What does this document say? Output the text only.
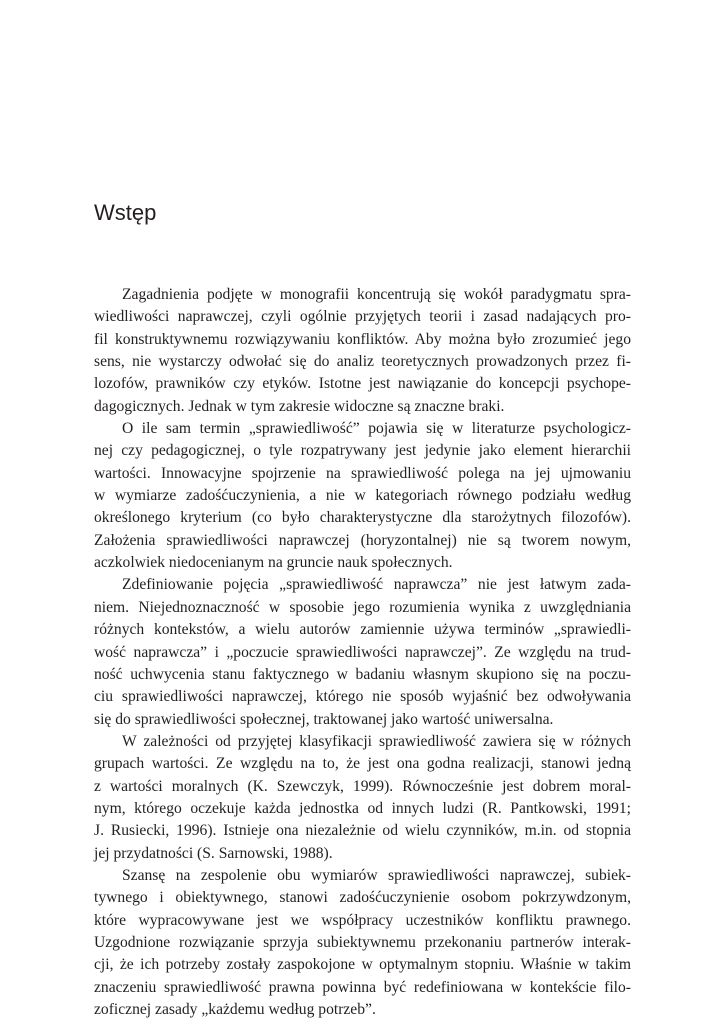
Wstęp
Zagadnienia podjęte w monografii koncentrują się wokół paradygmatu spra-
wiedliwości naprawczej, czyli ogólnie przyjętych teorii i zasad nadających pro-
fil konstruktywnemu rozwiązywaniu konfliktów. Aby można było zrozumieć jego
sens, nie wystarczy odwołać się do analiz teoretycznych prowadzonych przez fi-
lozofów, prawników czy etyków. Istotne jest nawiązanie do koncepcji psychope-
dagogicznych. Jednak w tym zakresie widoczne są znaczne braki.
O ile sam termin „sprawiedliwość” pojawia się w literaturze psychologicz-
nej czy pedagogicznej, o tyle rozpatrywany jest jedynie jako element hierarchii
wartości. Innowacyjne spojrzenie na sprawiedliwość polega na jej ujmowaniu
w wymiarze zadośćuczynienia, a nie w kategoriach równego podziału według
określonego kryterium (co było charakterystyczne dla starożytnych filozofów).
Założenia sprawiedliwości naprawczej (horyzontalnej) nie są tworem nowym,
aczkolwiek niedocenianym na gruncie nauk społecznych.
Zdefiniowanie pojęcia „sprawiedliwość naprawcza” nie jest łatwym zada-
niem. Niejednoznaczność w sposobie jego rozumienia wynika z uwzględniania
różnych kontekstów, a wielu autorów zamiennie używa terminów „sprawiedli-
wość naprawcza” i „poczucie sprawiedliwości naprawczej”. Ze względu na trud-
ność uchwycenia stanu faktycznego w badaniu własnym skupiono się na poczu-
ciu sprawiedliwości naprawczej, którego nie sposób wyjaśnić bez odwoływania
się do sprawiedliwości społecznej, traktowanej jako wartość uniwersalna.
W zależności od przyjętej klasyfikacji sprawiedliwość zawiera się w różnych
grupach wartości. Ze względu na to, że jest ona godna realizacji, stanowi jedną
z wartości moralnych (K. Szewczyk, 1999). Równocześnie jest dobrem moral-
nym, którego oczekuje każda jednostka od innych ludzi (R. Pantkowski, 1991;
J. Rusiecki, 1996). Istnieje ona niezależnie od wielu czynników, m.in. od stopnia
jej przydatności (S. Sarnowski, 1988).
Szansę na zespolenie obu wymiarów sprawiedliwości naprawczej, subiek-
tywnego i obiektywnego, stanowi zadośćuczynienie osobom pokrzywdzonym,
które wypracowywane jest we współpracy uczestników konfliktu prawnego.
Uzgodnione rozwiązanie sprzyja subiektywnemu przekonaniu partnerów interak-
cji, że ich potrzeby zostały zaspokojone w optymalnym stopniu. Właśnie w takim
znaczeniu sprawiedliwość prawna powinna być redefiniowana w kontekście filo-
zoficznej zasady „każdemu według potrzeb”.
